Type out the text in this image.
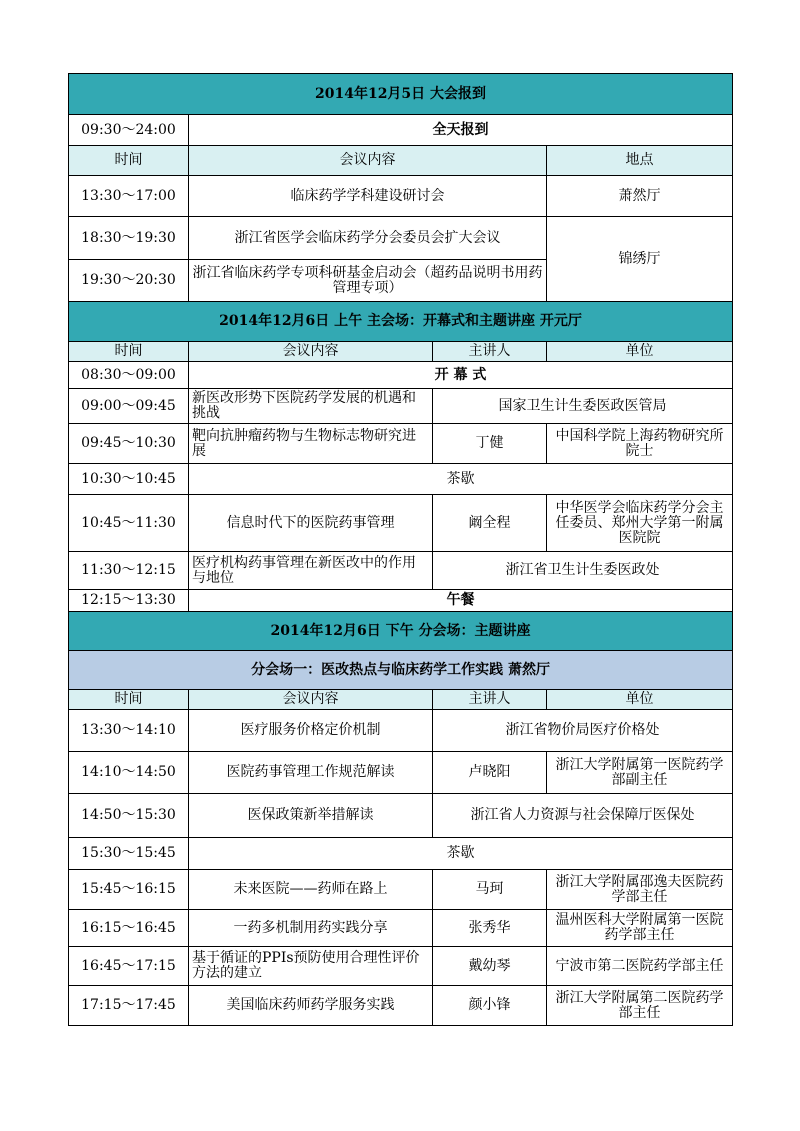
2014年12月5日 大会报到			
09:30～24:00	全天报到		
时间	会议内容		地点
13:30～17:00	临床药学学科建设研讨会		萧然厅
18:30～19:30	浙江省医学会临床药学分会委员会扩大会议		锦绣厅
19:30～20:30	浙江省临床药学专项科研基金启动会（超药品说明书用药管理专项）		
2014年12月6日 上午 主会场：开幕式和主题讲座 开元厅			
时间	会议内容	主讲人	单位
08:30～09:00	开 幕 式		
09:00～09:45	新医改形势下医院药学发展的机遇和挑战	国家卫生计生委医政医管局	
09:45～10:30	靶向抗肿瘤药物与生物标志物研究进展	丁健	中国科学院上海药物研究所 院士
10:30～10:45	茶歇		
10:45～11:30	信息时代下的医院药事管理	阚全程	中华医学会临床药学分会主任委员、郑州大学第一附属医院院
11:30～12:15	医疗机构药事管理在新医改中的作用与地位	浙江省卫生计生委医政处	
12:15～13:30	午餐		
2014年12月6日 下午 分会场：主题讲座			
分会场一：医改热点与临床药学工作实践 萧然厅			
时间	会议内容	主讲人	单位
13:30～14:10	医疗服务价格定价机制	浙江省物价局医疗价格处	
14:10～14:50	医院药事管理工作规范解读	卢晓阳	浙江大学附属第一医院药学部副主任
14:50～15:30	医保政策新举措解读	浙江省人力资源与社会保障厅医保处	
15:30～15:45	茶歇		
15:45～16:15	未来医院——药师在路上	马珂	浙江大学附属邵逸夫医院药学部主任
16:15～16:45	一药多机制用药实践分享	张秀华	温州医科大学附属第一医院药学部主任
16:45～17:15	基于循证的PPIs预防使用合理性评价方法的建立	戴幼琴	宁波市第二医院药学部主任
17:15～17:45	美国临床药师药学服务实践	颜小锋	浙江大学附属第二医院药学部主任
